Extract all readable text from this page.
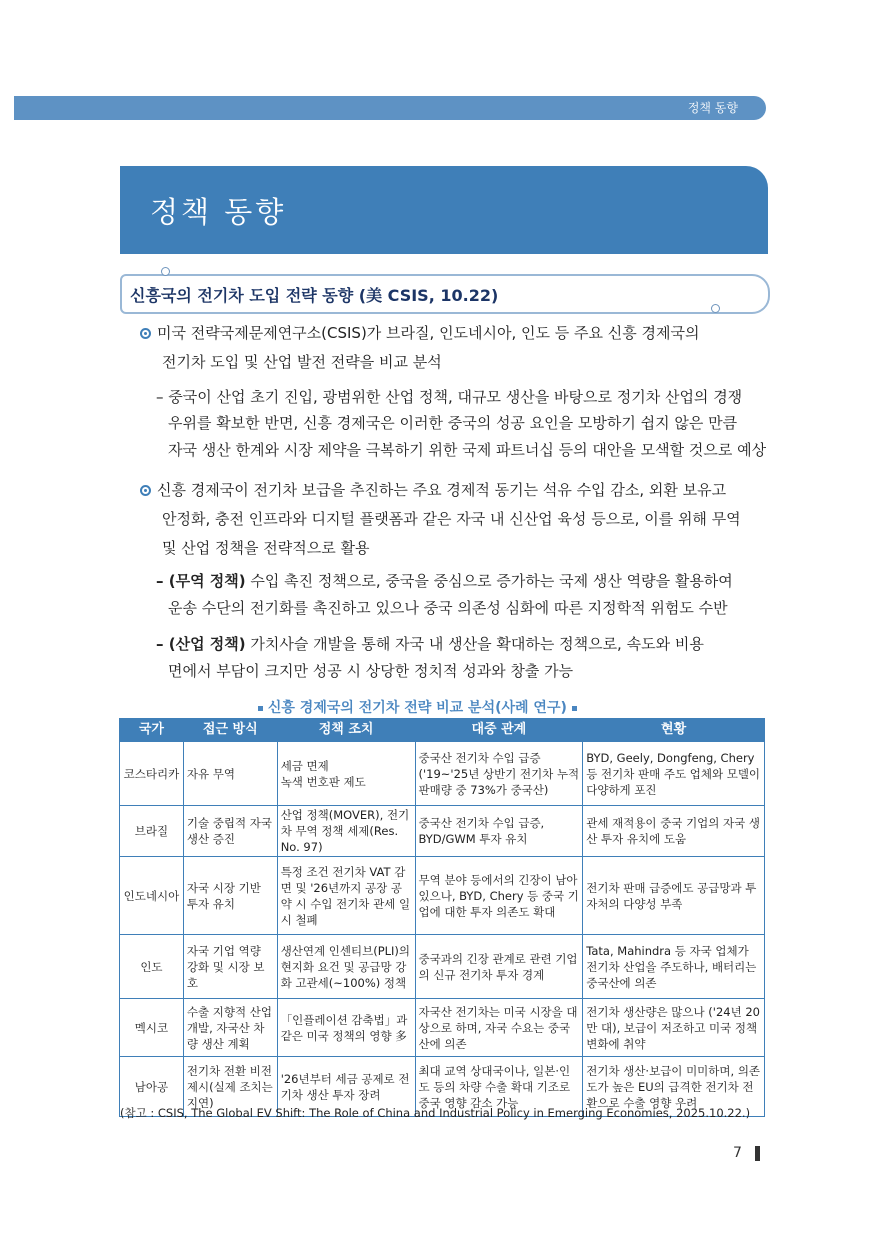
정책 동향
정책 동향
신흥국의 전기차 도입 전략 동향 (美 CSIS, 10.22)
미국 전략국제문제연구소(CSIS)가 브라질, 인도네시아, 인도 등 주요 신흥 경제국의
전기차 도입 및 산업 발전 전략을 비교 분석
– 중국이 산업 초기 진입, 광범위한 산업 정책, 대규모 생산을 바탕으로 정기차 산업의 경쟁
우위를 확보한 반면, 신흥 경제국은 이러한 중국의 성공 요인을 모방하기 쉽지 않은 만큼
자국 생산 한계와 시장 제약을 극복하기 위한 국제 파트너십 등의 대안을 모색할 것으로 예상
신흥 경제국이 전기차 보급을 추진하는 주요 경제적 동기는 석유 수입 감소, 외환 보유고
안정화, 충전 인프라와 디지털 플랫폼과 같은 자국 내 신산업 육성 등으로, 이를 위해 무역
및 산업 정책을 전략적으로 활용
– (무역 정책) 수입 촉진 정책으로, 중국을 중심으로 증가하는 국제 생산 역량을 활용하여
운송 수단의 전기화를 촉진하고 있으나 중국 의존성 심화에 따른 지정학적 위험도 수반
– (산업 정책) 가치사슬 개발을 통해 자국 내 생산을 확대하는 정책으로, 속도와 비용
면에서 부담이 크지만 성공 시 상당한 정치적 성과와 창출 가능
신흥 경제국의 전기차 전략 비교 분석(사례 연구)
국가	접근 방식	정책 조치	대중 관계	현황
코스타리카	자유 무역	세금 면제
녹색 번호판 제도	중국산 전기차 수입 급증('19~'25년 상반기 전기차 누적 판매량 중 73%가 중국산)	BYD, Geely, Dongfeng, Chery등 전기차 판매 주도 업체와 모델이 다양하게 포진
브라질	기술 중립적 자국 생산 증진	산업 정책(MOVER), 전기차 무역 정책 세제(Res. No. 97)	중국산 전기차 수입 급증, BYD/GWM 투자 유치	관세 재적용이 중국 기업의 자국 생산 투자 유치에 도움
인도네시아	자국 시장 기반 투자 유치	특정 조건 전기차 VAT 감면 및 '26년까지 공장 공약 시 수입 전기차 관세 일시 철폐	무역 분야 등에서의 긴장이 남아있으나, BYD, Chery 등 중국 기업에 대한 투자 의존도 확대	전기차 판매 급증에도 공급망과 투자처의 다양성 부족
인도	자국 기업 역량 강화 및 시장 보호	생산연계 인센티브(PLI)의 현지화 요건 및 공급망 강화 고관세(~100%) 정책	중국과의 긴장 관계로 관련 기업의 신규 전기차 투자 경계	Tata, Mahindra 등 자국 업체가 전기차 산업을 주도하나, 배터리는 중국산에 의존
멕시코	수출 지향적 산업 개발, 자국산 차량 생산 계획	「인플레이션 감축법」과 같은 미국 정책의 영향 多	자국산 전기차는 미국 시장을 대상으로 하며, 자국 수요는 중국산에 의존	전기차 생산량은 많으나 ('24년 20만 대), 보급이 저조하고 미국 정책 변화에 취약
남아공	전기차 전환 비전 제시(실제 조치는 지연)	'26년부터 세금 공제로 전기차 생산 투자 장려	최대 교역 상대국이나, 일본·인도 등의 차량 수출 확대 기조로 중국 영향 감소 가능	전기차 생산·보급이 미미하며, 의존도가 높은 EU의 급격한 전기차 전환으로 수출 영향 우려
(참고 : CSIS, The Global EV Shift: The Role of China and Industrial Policy in Emerging Economies, 2025.10.22.)
7
